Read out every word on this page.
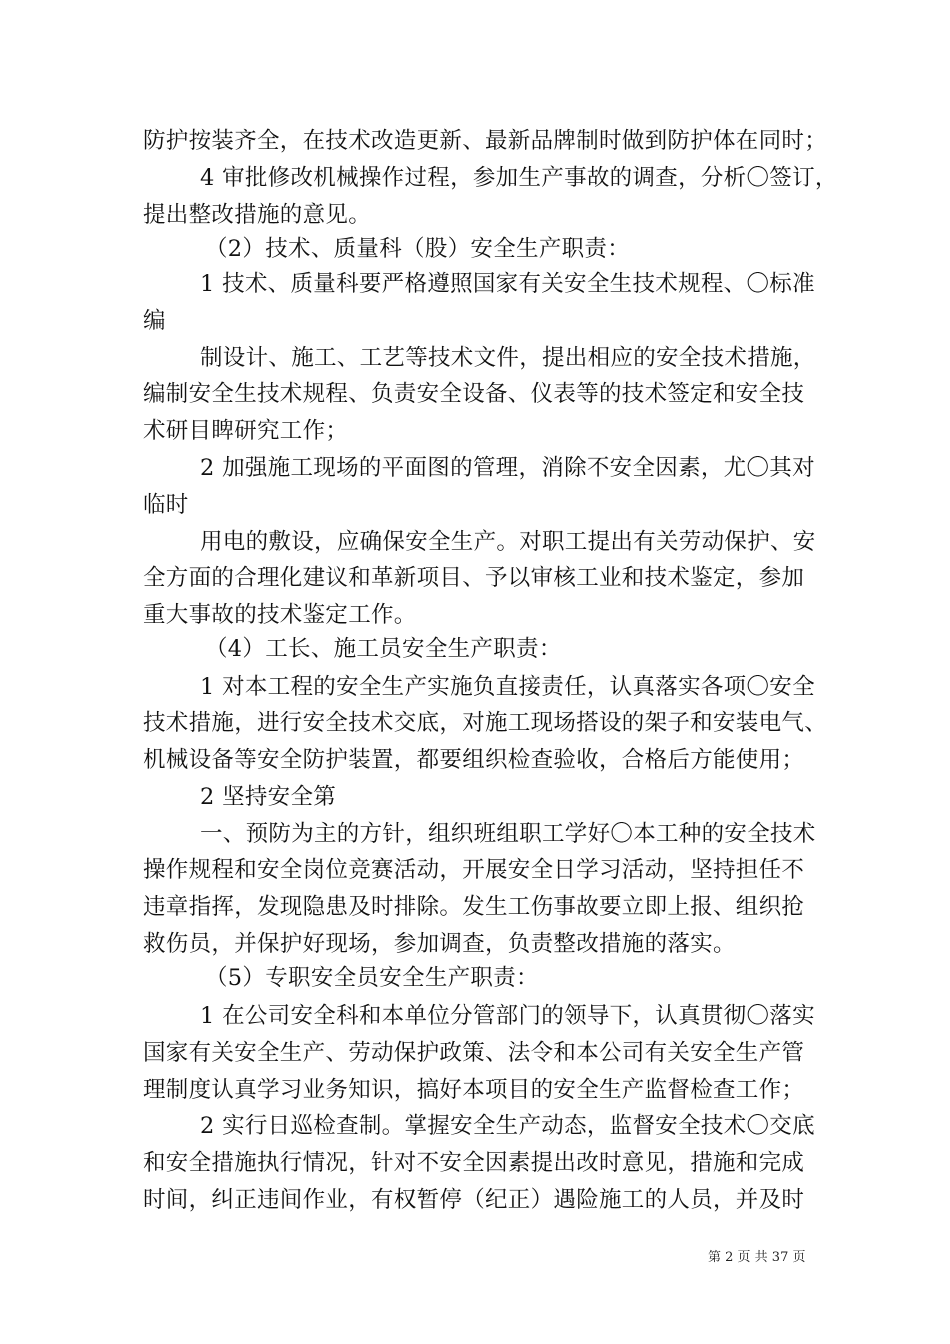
防护按装齐全，在技术改造更新、最新品牌制时做到防护体在同时；
4 审批修改机械操作过程，参加生产事故的调查，分析〇签订，
提出整改措施的意见。
（2）技术、质量科（股）安全生产职责：
1 技术、质量科要严格遵照国家有关安全生技术规程、〇标准
编
制设计、施工、工艺等技术文件，提出相应的安全技术措施，
编制安全生技术规程、负责安全设备、仪表等的技术签定和安全技
术研目睥研究工作；
2 加强施工现场的平面图的管理，消除不安全因素，尤〇其对
临时
用电的敷设，应确保安全生产。对职工提出有关劳动保护、安
全方面的合理化建议和革新项目、予以审核工业和技术鉴定，参加
重大事故的技术鉴定工作。
（4）工长、施工员安全生产职责：
1 对本工程的安全生产实施负直接责任，认真落实各项〇安全
技术措施，进行安全技术交底，对施工现场搭设的架子和安装电气、
机械设备等安全防护装置，都要组织检查验收，合格后方能使用；
2 坚持安全第
一、预防为主的方针，组织班组职工学好〇本工种的安全技术
操作规程和安全岗位竞赛活动，开展安全日学习活动，坚持担任不
违章指挥，发现隐患及时排除。发生工伤事故要立即上报、组织抢
救伤员，并保护好现场，参加调查，负责整改措施的落实。
（5）专职安全员安全生产职责：
1 在公司安全科和本单位分管部门的领导下，认真贯彻〇落实
国家有关安全生产、劳动保护政策、法令和本公司有关安全生产管
理制度认真学习业务知识，搞好本项目的安全生产监督检查工作；
2 实行日巡检查制。掌握安全生产动态，监督安全技术〇交底
和安全措施执行情况，针对不安全因素提出改时意见，措施和完成
时间，纠正违间作业，有权暂停（纪正）遇险施工的人员，并及时
第 2 页 共 37 页
